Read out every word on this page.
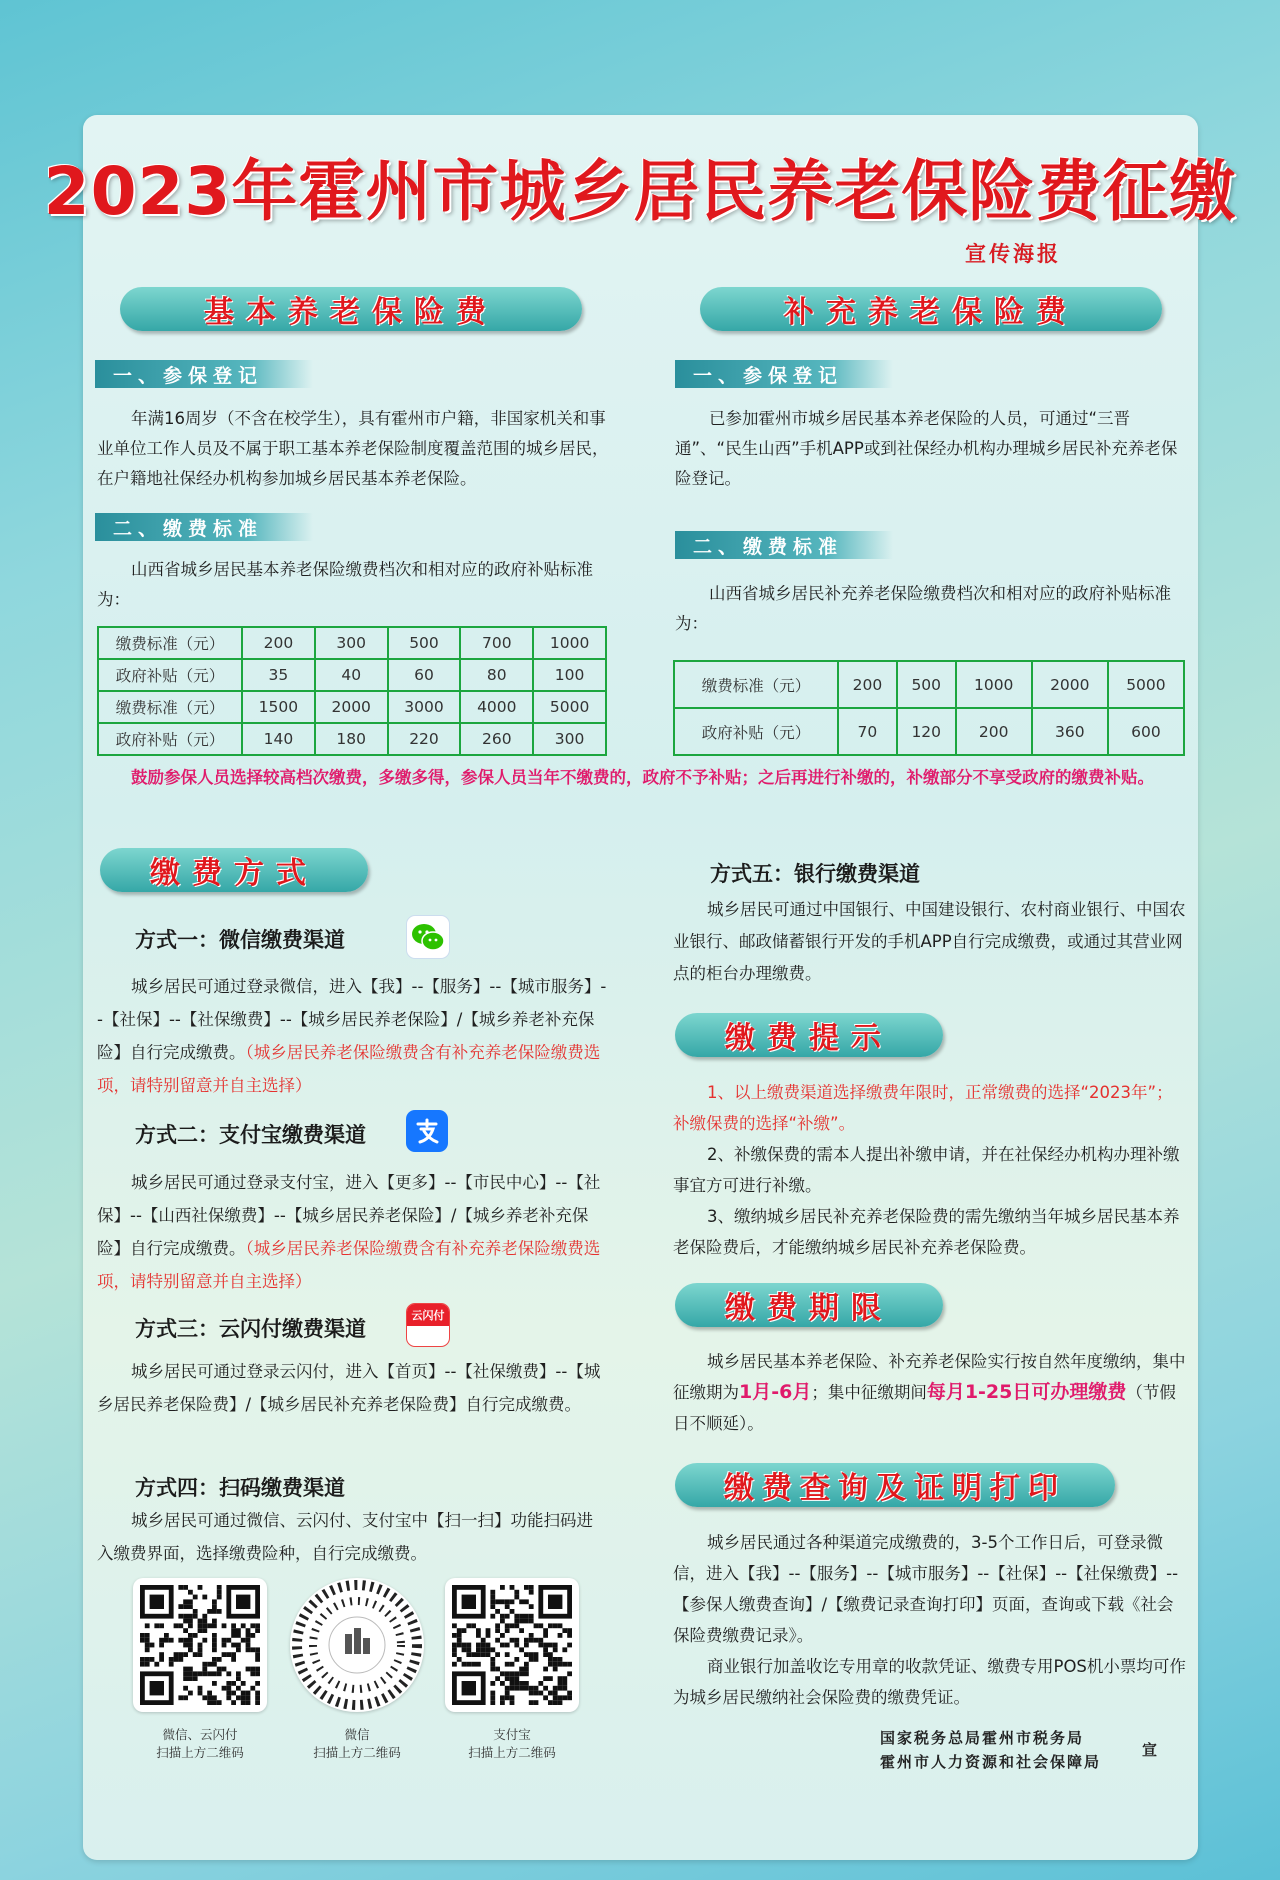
2023年霍州市城乡居民养老保险费征缴
宣传海报
基本养老保险费
一、参保登记
年满16周岁（不含在校学生），具有霍州市户籍，非国家机关和事业单位工作人员及不属于职工基本养老保险制度覆盖范围的城乡居民，在户籍地社保经办机构参加城乡居民基本养老保险。
二、缴费标准
山西省城乡居民基本养老保险缴费档次和相对应的政府补贴标准为：
缴费标准（元）	200	300	500	700	1000
政府补贴（元）	35	40	60	80	100
缴费标准（元）	1500	2000	3000	4000	5000
政府补贴（元）	140	180	220	260	300
补充养老保险费
一、参保登记
已参加霍州市城乡居民基本养老保险的人员，可通过“三晋通”、“民生山西”手机APP或到社保经办机构办理城乡居民补充养老保险登记。
二、缴费标准
山西省城乡居民补充养老保险缴费档次和相对应的政府补贴标准为：
缴费标准（元）	200	500	1000	2000	5000
政府补贴（元）	70	120	200	360	600
鼓励参保人员选择较高档次缴费，多缴多得，参保人员当年不缴费的，政府不予补贴；之后再进行补缴的，补缴部分不享受政府的缴费补贴。
缴费方式
方式一：微信缴费渠道
城乡居民可通过登录微信，进入【我】--【服务】--【城市服务】--【社保】--【社保缴费】--【城乡居民养老保险】/【城乡养老补充保险】自行完成缴费。（城乡居民养老保险缴费含有补充养老保险缴费选项，请特别留意并自主选择）
方式二：支付宝缴费渠道
城乡居民可通过登录支付宝，进入【更多】--【市民中心】--【社保】--【山西社保缴费】--【城乡居民养老保险】/【城乡养老补充保险】自行完成缴费。（城乡居民养老保险缴费含有补充养老保险缴费选项，请特别留意并自主选择）
方式三：云闪付缴费渠道
云闪付
城乡居民可通过登录云闪付，进入【首页】--【社保缴费】--【城乡居民养老保险费】/【城乡居民补充养老保险费】自行完成缴费。
方式四：扫码缴费渠道
城乡居民可通过微信、云闪付、支付宝中【扫一扫】功能扫码进入缴费界面，选择缴费险种，自行完成缴费。
微信、云闪付
扫描上方二维码
微信
扫描上方二维码
支付宝
扫描上方二维码
方式五：银行缴费渠道
城乡居民可通过中国银行、中国建设银行、农村商业银行、中国农业银行、邮政储蓄银行开发的手机APP自行完成缴费，或通过其营业网点的柜台办理缴费。
缴费提示
1、以上缴费渠道选择缴费年限时，正常缴费的选择“2023年”；补缴保费的选择“补缴”。
2、补缴保费的需本人提出补缴申请，并在社保经办机构办理补缴事宜方可进行补缴。
3、缴纳城乡居民补充养老保险费的需先缴纳当年城乡居民基本养老保险费后，才能缴纳城乡居民补充养老保险费。
缴费期限
城乡居民基本养老保险、补充养老保险实行按自然年度缴纳，集中征缴期为1月-6月；集中征缴期间每月1-25日可办理缴费（节假日不顺延）。
缴费查询及证明打印
城乡居民通过各种渠道完成缴费的，3-5个工作日后，可登录微信，进入【我】--【服务】--【城市服务】--【社保】--【社保缴费】--【参保人缴费查询】/【缴费记录查询打印】页面，查询或下载《社会保险费缴费记录》。
商业银行加盖收讫专用章的收款凭证、缴费专用POS机小票均可作为城乡居民缴纳社会保险费的缴费凭证。
国家税务总局霍州市税务局
霍州市人力资源和社会保障局
宣
